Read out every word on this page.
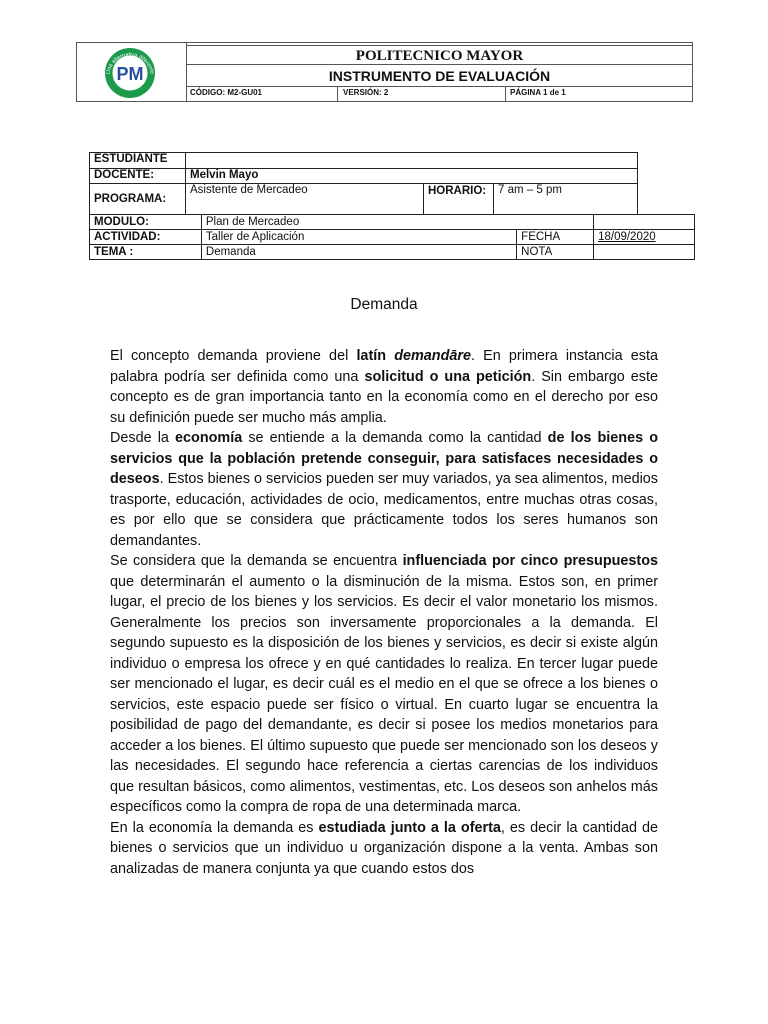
PM
Una alternativa diferente
POLITECNICO MAYOR
INSTRUMENTO DE EVALUACIÓN
CÓDIGO: M2-GU01	VERSIÓN: 2	PÁGINA 1 de 1
ESTUDIANTE			
DOCENTE:	Melvin Mayo		
PROGRAMA:	Asistente de Mercadeo	HORARIO:	7 am – 5 pm
MODULO:	Plan de Mercadeo		
ACTIVIDAD:	Taller de Aplicación	FECHA	18/09/2020
TEMA :	Demanda	NOTA	
Demanda

El concepto demanda proviene del latín demandāre. En primera instancia esta palabra podría ser definida como una solicitud o una petición. Sin embargo este concepto es de gran importancia tanto en la economía como en el derecho por eso su definición puede ser mucho más amplia.

Desde la economía se entiende a la demanda como la cantidad de los bienes o servicios que la población pretende conseguir, para satisfaces necesidades o deseos. Estos bienes o servicios pueden ser muy variados, ya sea alimentos, medios trasporte, educación, actividades de ocio, medicamentos, entre muchas otras cosas, es por ello que se considera que prácticamente todos los seres humanos son demandantes.

Se considera que la demanda se encuentra influenciada por cinco presupuestos que determinarán el aumento o la disminución de la misma. Estos son, en primer lugar, el precio de los bienes y los servicios. Es decir el valor monetario los mismos. Generalmente los precios son inversamente proporcionales a la demanda. El segundo supuesto es la disposición de los bienes y servicios, es decir si existe algún individuo o empresa los ofrece y en qué cantidades lo realiza. En tercer lugar puede ser mencionado el lugar, es decir cuál es el medio en el que se ofrece a los bienes o servicios, este espacio puede ser físico o virtual. En cuarto lugar se encuentra la posibilidad de pago del demandante, es decir si posee los medios monetarios para acceder a los bienes. El último supuesto que puede ser mencionado son los deseos y las necesidades. El segundo hace referencia a ciertas carencias de los individuos que resultan básicos, como alimentos, vestimentas, etc. Los deseos son anhelos más específicos como la compra de ropa de una determinada marca.

En la economía la demanda es estudiada junto a la oferta, es decir la cantidad de bienes o servicios que un individuo u organización dispone a la venta. Ambas son analizadas de manera conjunta ya que cuando estos dos
